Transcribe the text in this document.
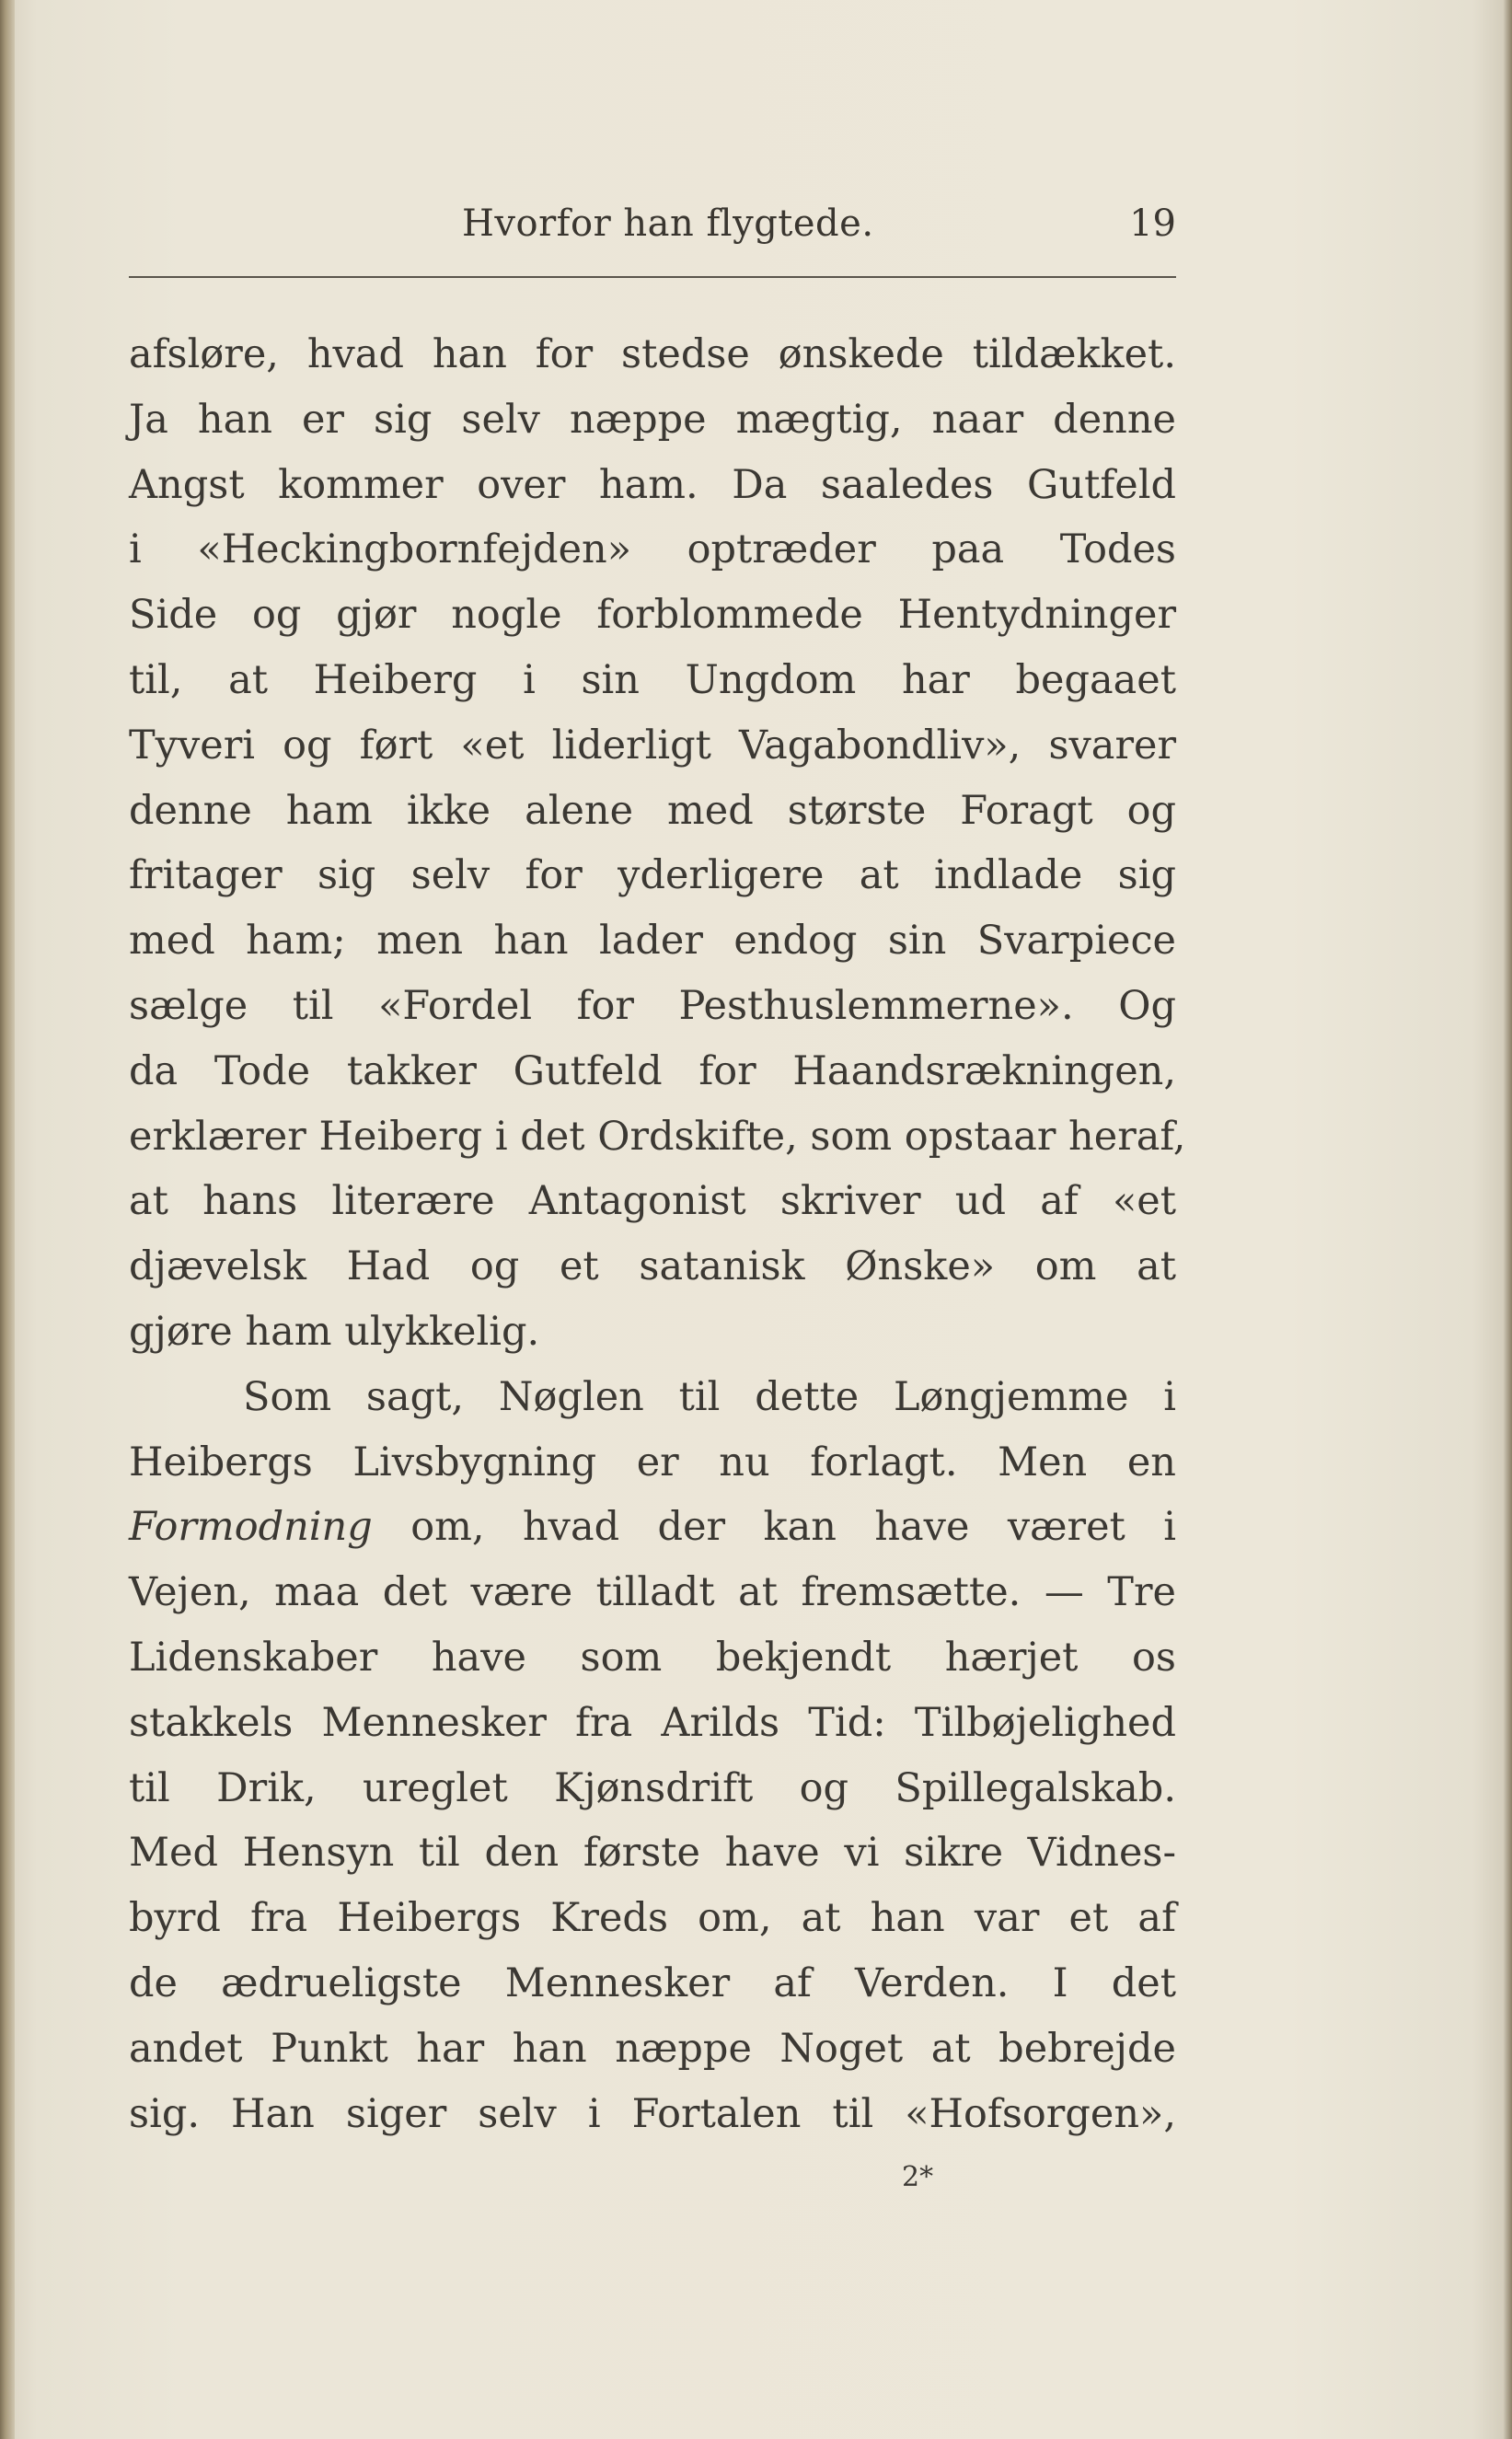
Hvorfor han flygtede.	19
afsløre, hvad han for stedse ønskede tildækket.
Ja han er sig selv næppe mægtig, naar denne
Angst kommer over ham. Da saaledes Gutfeld
i «Heckingbornfejden» optræder paa Todes
Side og gjør nogle forblommede Hentydninger
til, at Heiberg i sin Ungdom har begaaet
Tyveri og ført «et liderligt Vagabondliv», svarer
denne ham ikke alene med største Foragt og
fritager sig selv for yderligere at indlade sig
med ham; men han lader endog sin Svarpiece
sælge til «Fordel for Pesthuslemmerne». Og
da Tode takker Gutfeld for Haandsrækningen,
erklærer Heiberg i det Ordskifte, som opstaar heraf,
at hans literære Antagonist skriver ud af «et
djævelsk Had og et satanisk Ønske» om at
gjøre ham ulykkelig.
Som sagt, Nøglen til dette Løngjemme i
Heibergs Livsbygning er nu forlagt. Men en
Formodning om, hvad der kan have været i
Vejen, maa det være tilladt at fremsætte. — Tre
Lidenskaber have som bekjendt hærjet os
stakkels Mennesker fra Arilds Tid: Tilbøjelighed
til Drik, ureglet Kjønsdrift og Spillegalskab.
Med Hensyn til den første have vi sikre Vidnes-
byrd fra Heibergs Kreds om, at han var et af
de ædrueligste Mennesker af Verden. I det
andet Punkt har han næppe Noget at bebrejde
sig. Han siger selv i Fortalen til «Hofsorgen»,
2*
